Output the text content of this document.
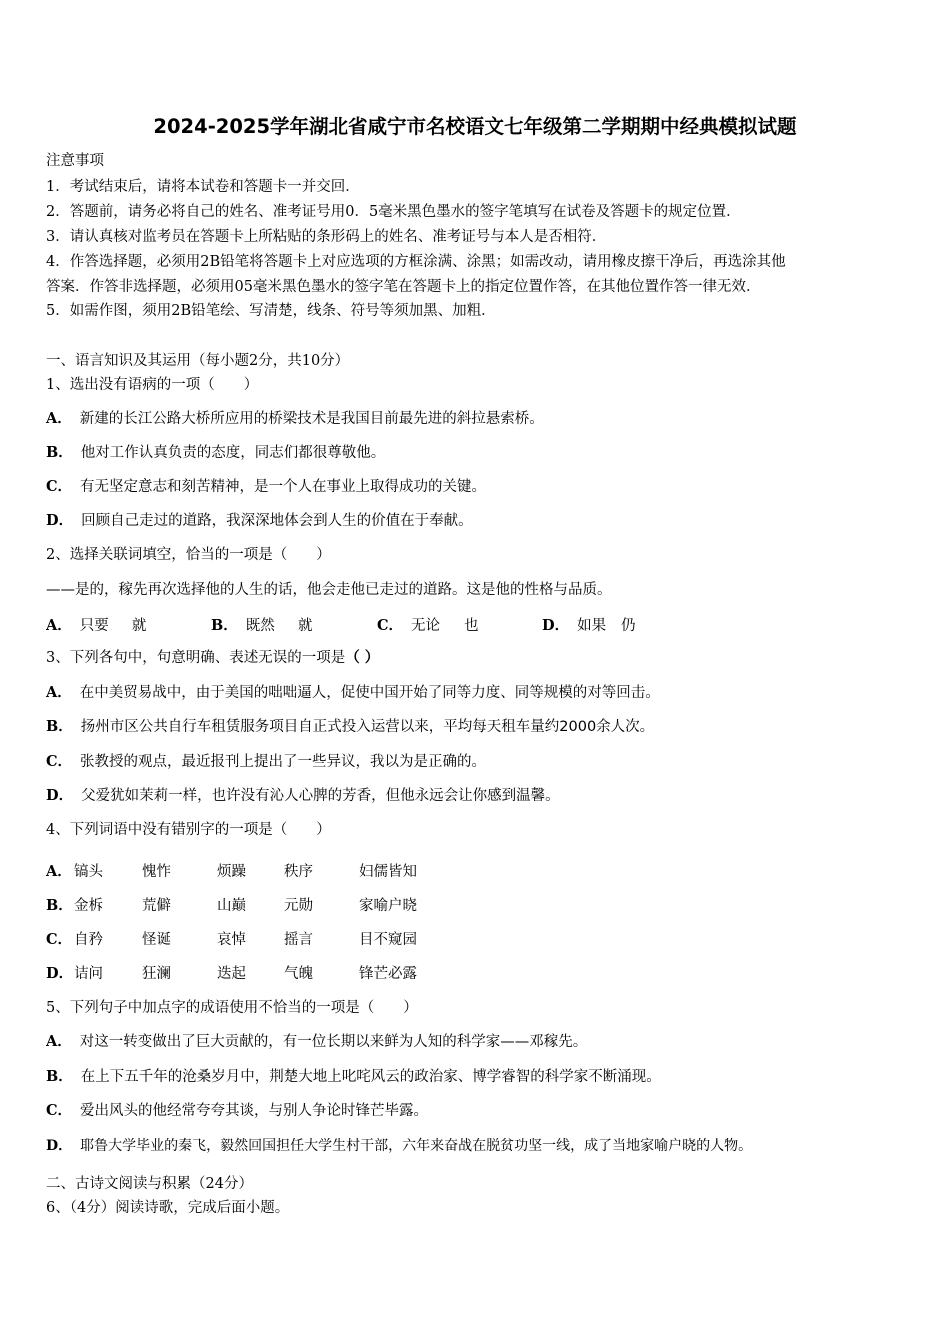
2024-2025学年湖北省咸宁市名校语文七年级第二学期期中经典模拟试题
注意事项
1．考试结束后，请将本试卷和答题卡一并交回．
2．答题前，请务必将自己的姓名、准考证号用0．5毫米黑色墨水的签字笔填写在试卷及答题卡的规定位置．
3．请认真核对监考员在答题卡上所粘贴的条形码上的姓名、准考证号与本人是否相符．
4．作答选择题，必须用2B铅笔将答题卡上对应选项的方框涂满、涂黑；如需改动，请用橡皮擦干净后，再选涂其他
答案．作答非选择题，必须用05毫米黑色墨水的签字笔在答题卡上的指定位置作答，在其他位置作答一律无效．
5．如需作图，须用2B铅笔绘、写清楚，线条、符号等须加黑、加粗．
一、语言知识及其运用（每小题2分，共10分）
1、选出没有语病的一项（　　）
A． 新建的长江公路大桥所应用的桥梁技术是我国目前最先进的斜拉悬索桥。
B． 他对工作认真负责的态度，同志们都很尊敬他。
C． 有无坚定意志和刻苦精神，是一个人在事业上取得成功的关键。
D． 回顾自己走过的道路，我深深地体会到人生的价值在于奉献。
2、选择关联词填空，恰当的一项是（　　）
——是的，稼先再次选择他的人生的话，他会走他已走过的道路。这是他的性格与品质。
A． 只要 就	B． 既然 就	C． 无论 也	D． 如果 仍
3、下列各句中，句意明确、表述无误的一项是（ ）
A． 在中美贸易战中，由于美国的咄咄逼人，促使中国开始了同等力度、同等规模的对等回击。
B． 扬州市区公共自行车租赁服务项目自正式投入运营以来，平均每天租车量约2000余人次。
C． 张教授的观点，最近报刊上提出了一些异议，我以为是正确的。
D． 父爱犹如茉莉一样，也许没有沁人心脾的芳香，但他永远会让你感到温馨。
4、下列词语中没有错别字的一项是（　　）
A． 镐头	愧怍	烦躁	秩序	妇儒皆知
B． 金柝	荒僻	山巅	元勋	家喻户晓
C． 自矜	怪诞	哀悼	摇言	目不窥园
D． 诘问	狂澜	迭起	气魄	锋芒必露
5、下列句子中加点字的成语使用不恰当的一项是（　　）
A． 对这一转变做出了巨大贡献的，有一位长期以来鲜为人知的科学家——邓稼先。
B． 在上下五千年的沧桑岁月中，荆楚大地上叱咤风云的政治家、博学睿智的科学家不断涌现。
C． 爱出风头的他经常夸夸其谈，与别人争论时锋芒毕露。
D． 耶鲁大学毕业的秦飞，毅然回国担任大学生村干部，六年来奋战在脱贫功坚一线，成了当地家喻户晓的人物。
二、古诗文阅读与积累（24分）
6、（4分）阅读诗歌，完成后面小题。
